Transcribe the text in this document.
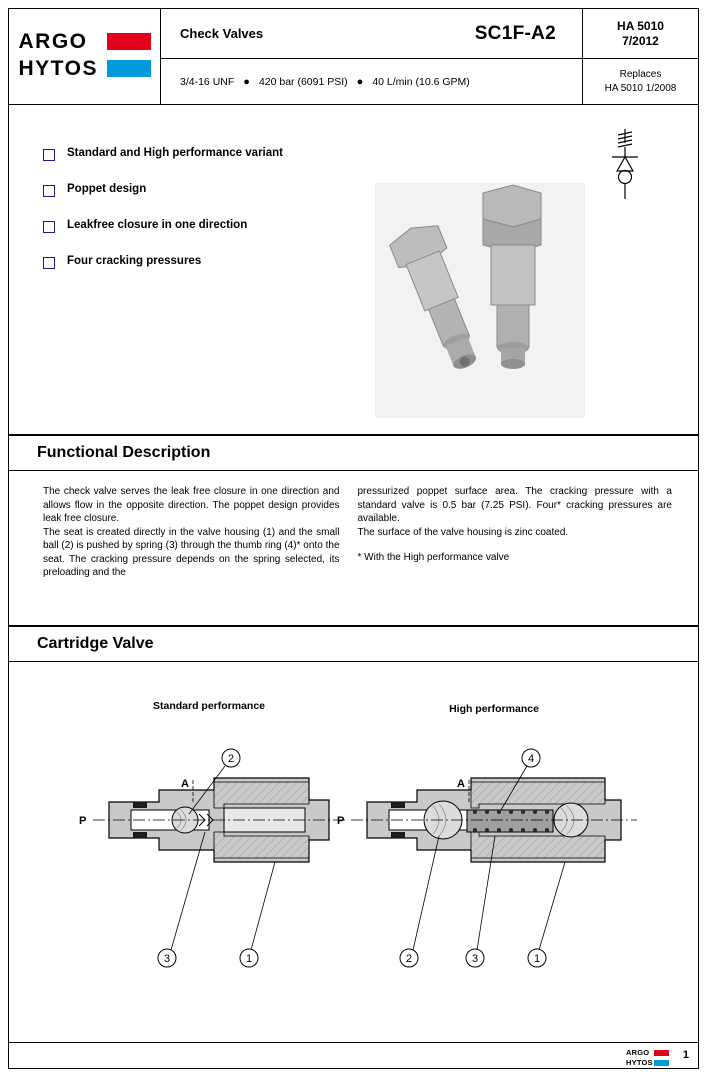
ARGO
HYTOS
Check Valves	SC1F-A2
3/4-16 UNF ● 420 bar (6091 PSI) ● 40 L/min (10.6 GPM)
HA 5010
7/2012
Replaces
HA 5010 1/2008
Standard and High performance variant
Poppet design
Leakfree closure in one direction
Four cracking pressures
Functional Description

The check valve serves the leak free closure in one direction and allows flow in the opposite direction. The poppet design provides leak free closure.

The seat is created directly in the valve housing (1) and the small ball (2) is pushed by spring (3) through the thumb ring (4)* onto the seat. The cracking pressure depends on the spring selected, its preloading and the

pressurized poppet surface area. The cracking pressure with a standard valve is 0.5 bar (7.25 PSI). Four* cracking pressures are available.

The surface of the valve housing is zinc coated.

* With the High performance valve

Cartridge Valve
Standard performance	High performance
P
A
2
3	1
P
A
4
2	3	1
ARGO
HYTOS
1
